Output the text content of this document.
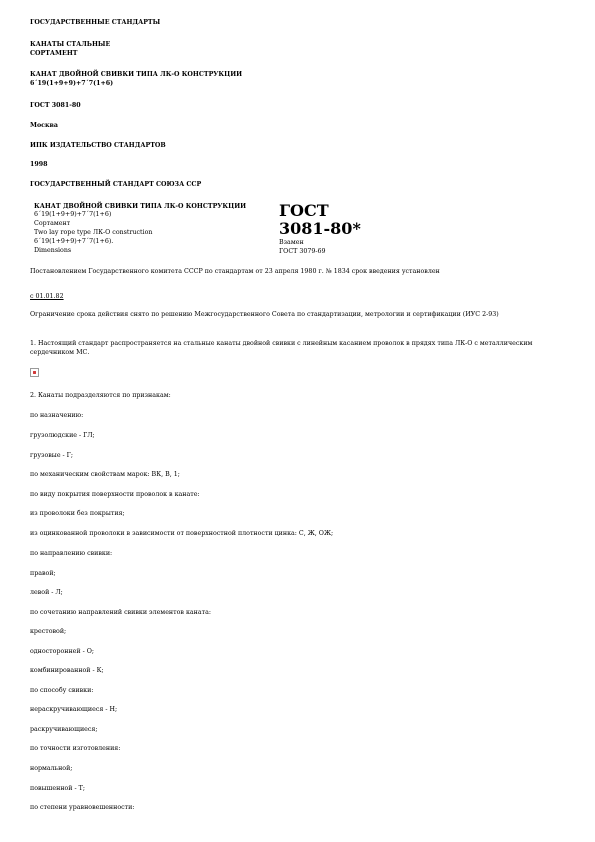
ГОСУДАРСТВЕННЫЕ СТАНДАРТЫ
КАНАТЫ СТАЛЬНЫЕ
СОРТАМЕНТ
КАНАТ ДВОЙНОЙ СВИВКИ ТИПА ЛК-О КОНСТРУКЦИИ
6´19(1+9+9)+7´7(1+6)
ГОСТ 3081-80
Москва
ИПК ИЗДАТЕЛЬСТВО СТАНДАРТОВ
1998
ГОСУДАРСТВЕННЫЙ СТАНДАРТ СОЮЗА ССР
КАНАТ ДВОЙНОЙ СВИВКИ ТИПА ЛК-О КОНСТРУКЦИИ
6´19(1+9+9)+7´7(1+6)
Сортамент
Two lay rope type ЛК-О construction
6´19(1+9+9)+7´7(1+6).
Dimensions
ГОСТ
3081-80*
Взамен
ГОСТ 3079-69
Постановлением Государственного комитета СССР по стандартам от 23 апреля 1980 г. № 1834 срок введения установлен
с 01.01.82
Ограничение срока действия снято по решению Межгосударственного Совета по стандартизации, метрологии и сертификации (ИУС 2-93)
1. Настоящий стандарт распространяется на стальные канаты двойной свивки с линейным касанием проволок в прядях типа ЛК-О с металлическим сердечником МС.
2. Канаты подразделяются по признакам:
по назначению:
грузолюдские - ГЛ;
грузовые - Г;
по механическим свойствам марок: ВК, В, 1;
по виду покрытия поверхности проволок в канате:
из проволоки без покрытия;
из оцинкованной проволоки в зависимости от поверхностной плотности цинка: С, Ж, ОЖ;
по направлению свивки:
правой;
левой - Л;
по сочетанию направлений свивки элементов каната:
крестовой;
односторонней - О;
комбинированной - К;
по способу свивки:
нераскручивающиеся - Н;
раскручивающиеся;
по точности изготовления:
нормальной;
повышенной - Т;
по степени уравновешенности:
